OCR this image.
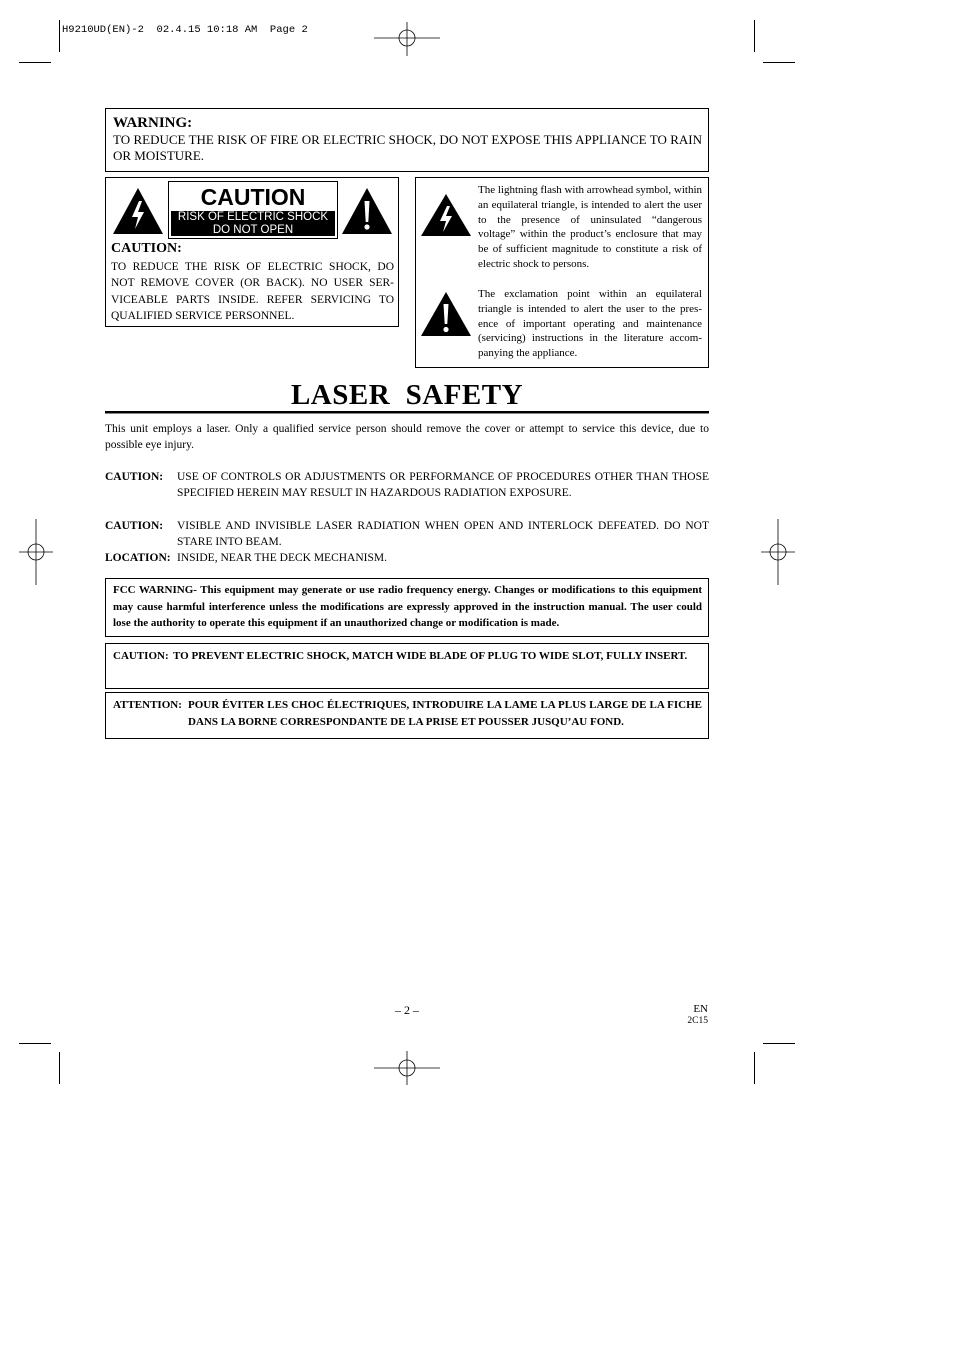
H9210UD(EN)-2  02.4.15 10:18 AM  Page 2
WARNING:
TO REDUCE THE RISK OF FIRE OR ELECTRIC SHOCK, DO NOT EXPOSE THIS APPLIANCE TO RAIN OR MOISTURE.
CAUTION
RISK OF ELECTRIC SHOCK
DO NOT OPEN
CAUTION:
TO REDUCE THE RISK OF ELECTRIC SHOCK, DO NOT REMOVE COVER (OR BACK). NO USER SER-VICEABLE PARTS INSIDE. REFER SERVICING TO QUALIFIED SERVICE PERSONNEL.
The lightning flash with arrowhead symbol, within an equilateral triangle, is intended to alert the user to the presence of uninsulated “dangerous voltage” within the product’s enclosure that may be of sufficient magnitude to constitute a risk of electric shock to persons.
The exclamation point within an equilateral triangle is intended to alert the user to the pres-ence of important operating and maintenance (servicing) instructions in the literature accom-panying the appliance.
LASER  SAFETY
This unit employs a laser. Only a qualified service person should remove the cover or attempt to service this device, due to possible eye injury.
CAUTION: USE OF CONTROLS OR ADJUSTMENTS OR PERFORMANCE OF PROCEDURES OTHER THAN THOSE SPECIFIED HEREIN MAY RESULT IN HAZARDOUS RADIATION EXPOSURE.
CAUTION: VISIBLE AND INVISIBLE LASER RADIATION WHEN OPEN AND INTERLOCK DEFEATED. DO NOT STARE INTO BEAM.
LOCATION: INSIDE, NEAR THE DECK MECHANISM.
FCC WARNING- This equipment may generate or use radio frequency energy. Changes or modifications to this equipment may cause harmful interference unless the modifications are expressly approved in the instruction manual. The user could lose the authority to operate this equipment if an unauthorized change or modification is made.
CAUTION: TO PREVENT ELECTRIC SHOCK, MATCH WIDE BLADE OF PLUG TO WIDE SLOT, FULLY INSERT.
ATTENTION: POUR ÉVITER LES CHOC ÉLECTRIQUES, INTRODUIRE LA LAME LA PLUS LARGE DE LA FICHE DANS LA BORNE CORRESPONDANTE DE LA PRISE ET POUSSER JUSQU’AU FOND.
– 2 –	EN
2C15
